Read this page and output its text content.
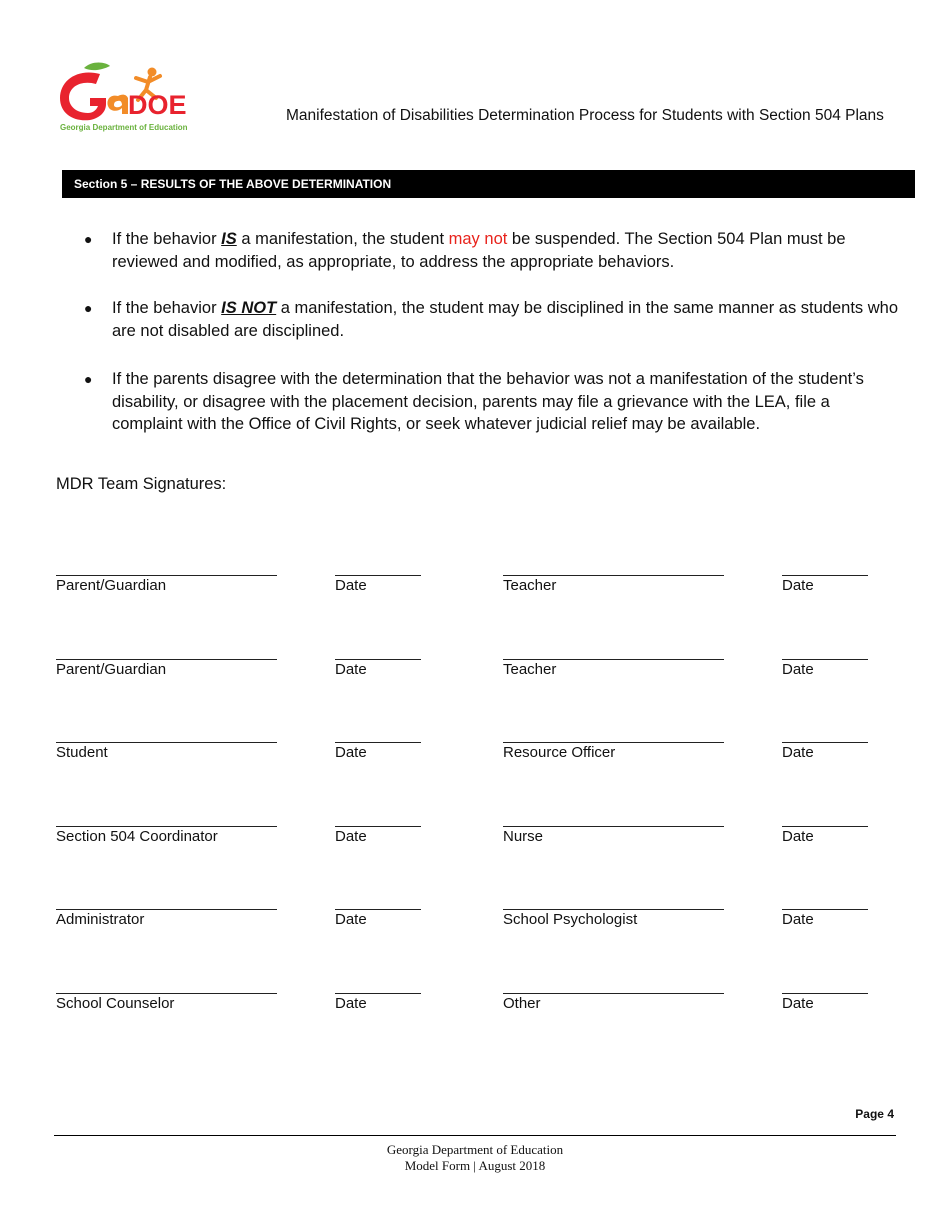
DOE
Georgia Department of Education
Manifestation of Disabilities Determination Process for Students with Section 504 Plans
Section 5 – RESULTS OF THE ABOVE DETERMINATION
● If the behavior IS a manifestation, the student may not be suspended. The Section 504 Plan must be reviewed and modified, as appropriate, to address the appropriate behaviors.
● If the behavior IS NOT a manifestation, the student may be disciplined in the same manner as students who are not disabled are disciplined.
● If the parents disagree with the determination that the behavior was not a manifestation of the student’s disability, or disagree with the placement decision, parents may file a grievance with the LEA, file a complaint with the Office of Civil Rights, or seek whatever judicial relief may be available.
MDR Team Signatures:
Parent/Guardian	Date	Teacher	Date
Parent/Guardian	Date	Teacher	Date
Student	Date	Resource Officer	Date
Section 504 Coordinator	Date	Nurse	Date
Administrator	Date	School Psychologist	Date
School Counselor	Date	Other	Date
Page 4
Georgia Department of Education
Model Form | August 2018
